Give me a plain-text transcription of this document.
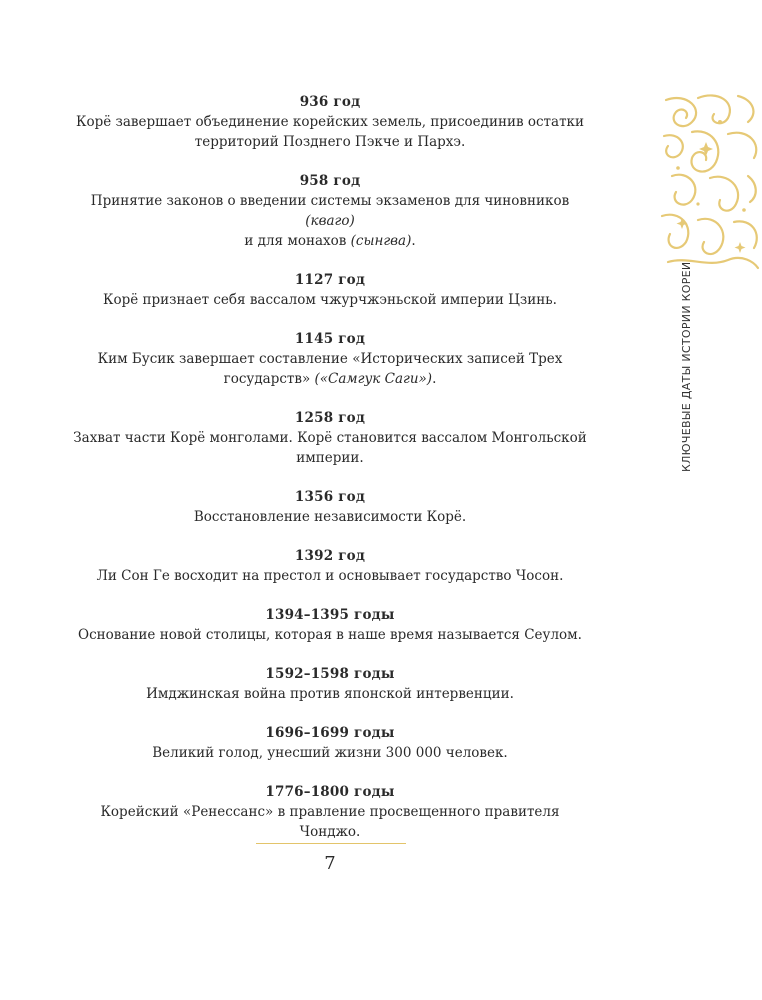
936 год
Корё завершает объединение корейских земель, присоединив остатки
территорий Позднего Пэкче и Пархэ.
958 год
Принятие законов о введении системы экзаменов для чиновников (кваго)
и для монахов (сынгва).
1127 год
Корё признает себя вассалом чжурчжэньской империи Цзинь.
1145 год
Ким Бусик завершает составление «Исторических записей Трех
государств» («Самгук Саги»).
1258 год
Захват части Корё монголами. Корё становится вассалом Монгольской
империи.
1356 год
Восстановление независимости Корё.
1392 год
Ли Сон Ге восходит на престол и основывает государство Чосон.
1394–1395 годы
Основание новой столицы, которая в наше время называется Сеулом.
1592–1598 годы
Имджинская война против японской интервенции.
1696–1699 годы
Великий голод, унесший жизни 300 000 человек.
1776–1800 годы
Корейский «Ренессанс» в правление просвещенного правителя Чонджо.
7
КЛЮЧЕВЫЕ ДАТЫ ИСТОРИИ КОРЕИ
